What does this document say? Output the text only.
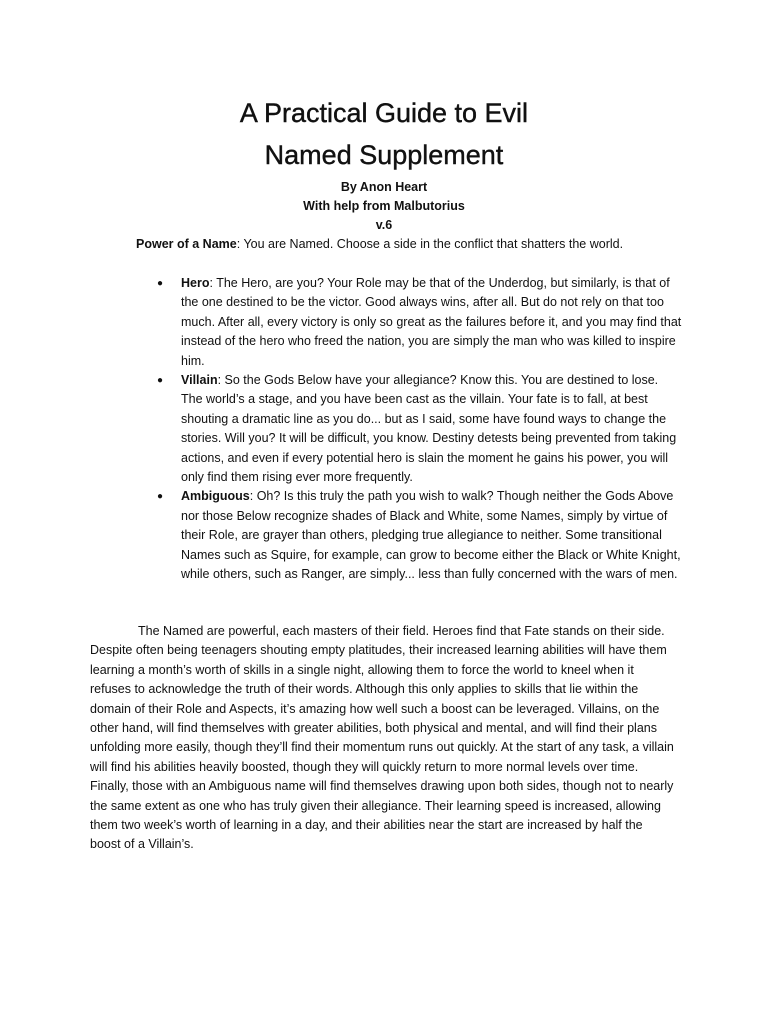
A Practical Guide to Evil
Named Supplement

By Anon Heart

With help from Malbutorius

v.6

Power of a Name: You are Named. Choose a side in the conflict that shatters the world.

● Hero: The Hero, are you? Your Role may be that of the Underdog, but similarly, is that of the one destined to be the victor. Good always wins, after all. But do not rely on that too much. After all, every victory is only so great as the failures before it, and you may find that instead of the hero who freed the nation, you are simply the man who was killed to inspire him.
● Villain: So the Gods Below have your allegiance? Know this. You are destined to lose. The world’s a stage, and you have been cast as the villain. Your fate is to fall, at best shouting a dramatic line as you do... but as I said, some have found ways to change the stories. Will you? It will be difficult, you know. Destiny detests being prevented from taking actions, and even if every potential hero is slain the moment he gains his power, you will only find them rising ever more frequently.
● Ambiguous: Oh? Is this truly the path you wish to walk? Though neither the Gods Above nor those Below recognize shades of Black and White, some Names, simply by virtue of their Role, are grayer than others, pledging true allegiance to neither. Some transitional Names such as Squire, for example, can grow to become either the Black or White Knight, while others, such as Ranger, are simply... less than fully concerned with the wars of men.

The Named are powerful, each masters of their field. Heroes find that Fate stands on their side. Despite often being teenagers shouting empty platitudes, their increased learning abilities will have them learning a month’s worth of skills in a single night, allowing them to force the world to kneel when it refuses to acknowledge the truth of their words. Although this only applies to skills that lie within the domain of their Role and Aspects, it’s amazing how well such a boost can be leveraged. Villains, on the other hand, will find themselves with greater abilities, both physical and mental, and will find their plans unfolding more easily, though they’ll find their momentum runs out quickly. At the start of any task, a villain will find his abilities heavily boosted, though they will quickly return to more normal levels over time. Finally, those with an Ambiguous name will find themselves drawing upon both sides, though not to nearly the same extent as one who has truly given their allegiance. Their learning speed is increased, allowing them two week’s worth of learning in a day, and their abilities near the start are increased by half the boost of a Villain’s.
